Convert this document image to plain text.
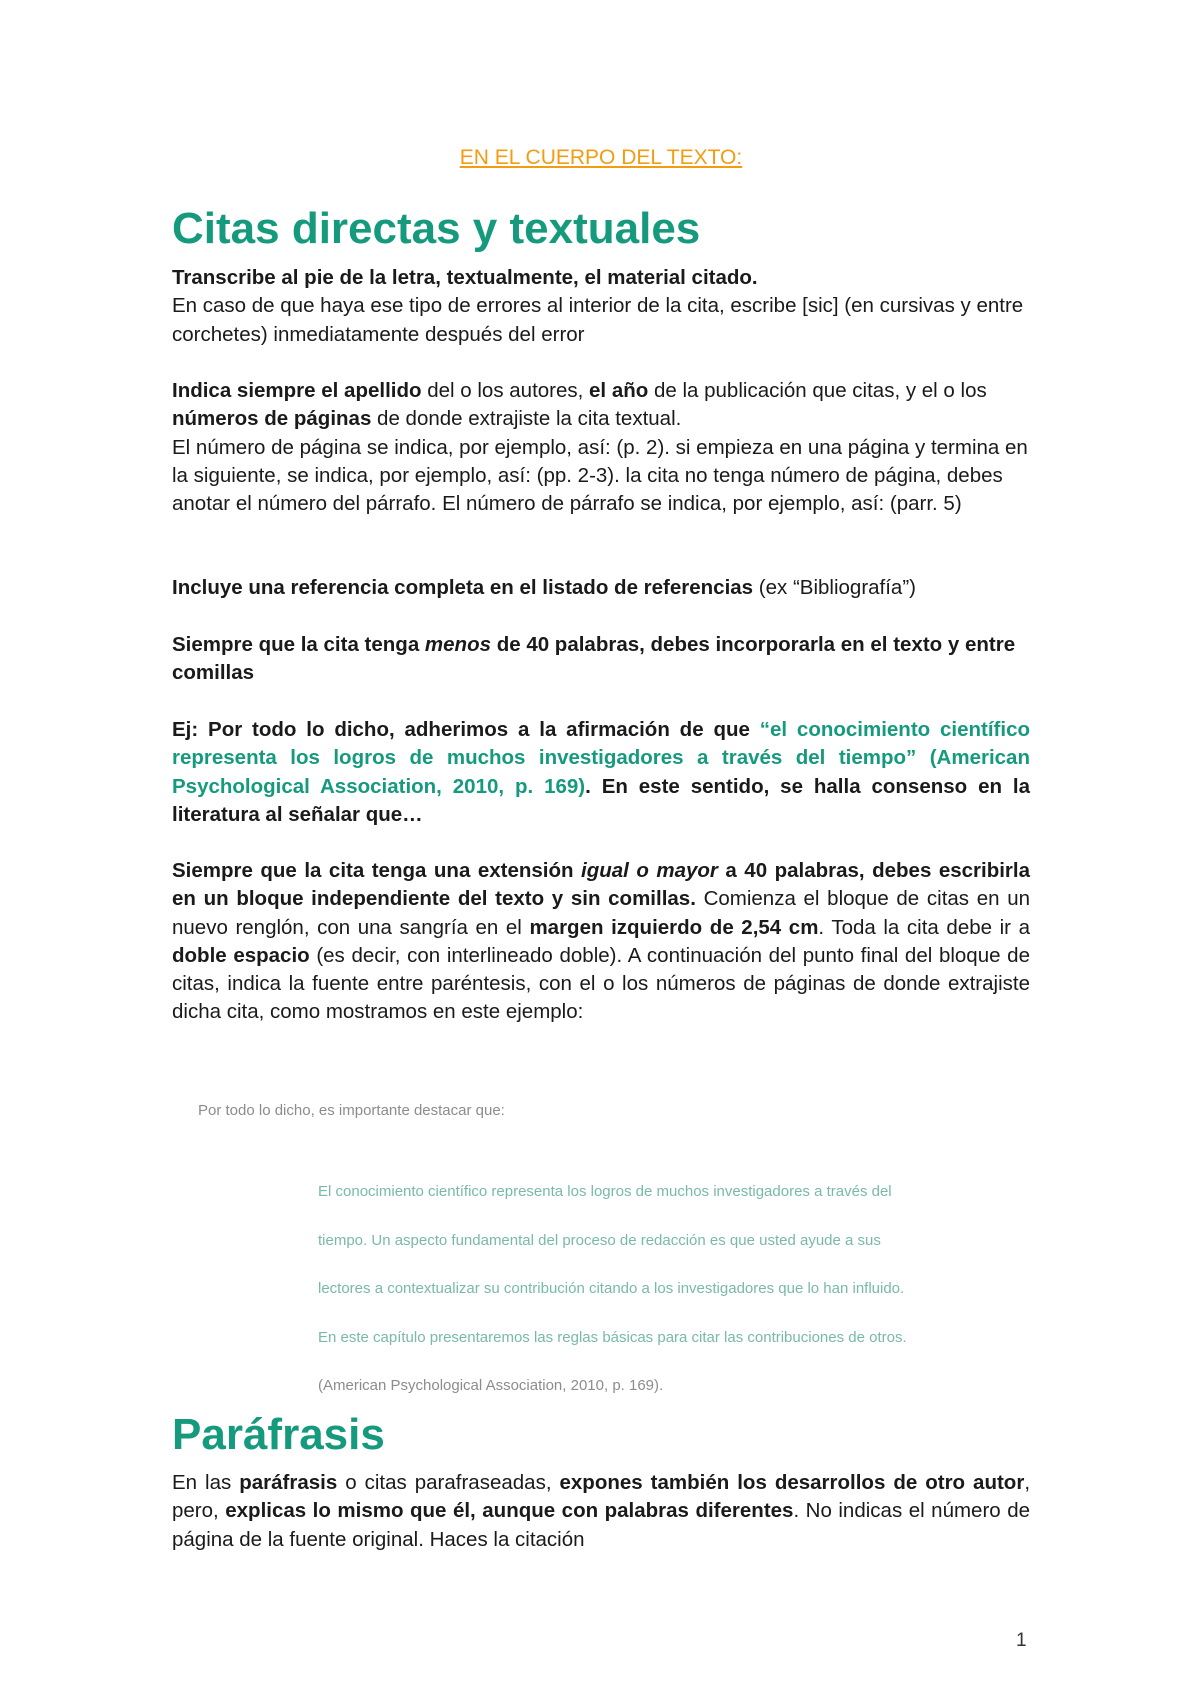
EN EL CUERPO DEL TEXTO:

Citas directas y textuales

Transcribe al pie de la letra, textualmente, el material citado.
En caso de que haya ese tipo de errores al interior de la cita, escribe [sic] (en cursivas y entre corchetes) inmediatamente después del error

Indica siempre el apellido del o los autores, el año de la publicación que citas, y el o los números de páginas de donde extrajiste la cita textual.
El número de página se indica, por ejemplo, así: (p. 2). si empieza en una página y termina en la siguiente, se indica, por ejemplo, así: (pp. 2-3). la cita no tenga número de página, debes anotar el número del párrafo. El número de párrafo se indica, por ejemplo, así: (parr. 5)

Incluye una referencia completa en el listado de referencias (ex “Bibliografía”)

Siempre que la cita tenga menos de 40 palabras, debes incorporarla en el texto y entre comillas

Ej: Por todo lo dicho, adherimos a la afirmación de que “el conocimiento científico representa los logros de muchos investigadores a través del tiempo” (American Psychological Association, 2010, p. 169). En este sentido, se halla consenso en la literatura al señalar que…

Siempre que la cita tenga una extensión igual o mayor a 40 palabras, debes escribirla en un bloque independiente del texto y sin comillas. Comienza el bloque de citas en un nuevo renglón, con una sangría en el margen izquierdo de 2,54 cm. Toda la cita debe ir a doble espacio (es decir, con interlineado doble). A continuación del punto final del bloque de citas, indica la fuente entre paréntesis, con el o los números de páginas de donde extrajiste dicha cita, como mostramos en este ejemplo:

Por todo lo dicho, es importante destacar que:

El conocimiento científico representa los logros de muchos investigadores a través del
tiempo. Un aspecto fundamental del proceso de redacción es que usted ayude a sus
lectores a contextualizar su contribución citando a los investigadores que lo han influido.
En este capítulo presentaremos las reglas básicas para citar las contribuciones de otros.
(American Psychological Association, 2010, p. 169).
Paráfrasis

En las paráfrasis o citas parafraseadas, expones también los desarrollos de otro autor, pero, explicas lo mismo que él, aunque con palabras diferentes. No indicas el número de página de la fuente original. Haces la citación

1
